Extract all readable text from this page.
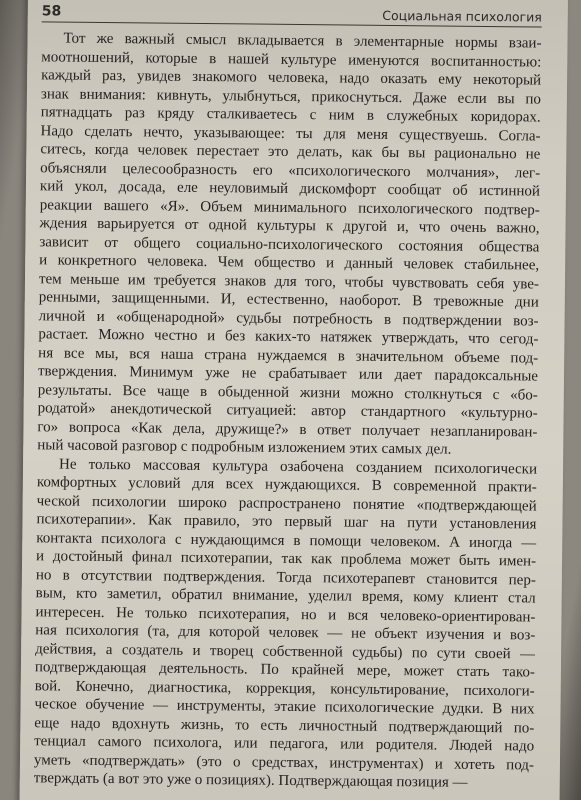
58	Социальная психология
Тот же важный смысл вкладывается в элементарные нормы взаи-
моотношений, которые в нашей культуре именуются воспитанностью:
каждый раз, увидев знакомого человека, надо оказать ему некоторый
знак внимания: кивнуть, улыбнуться, прикоснуться. Даже если вы по
пятнадцать раз кряду сталкиваетесь с ним в служебных коридорах.
Надо сделать нечто, указывающее: ты для меня существуешь. Согла-
ситесь, когда человек перестает это делать, как бы вы рационально не
объясняли целесообразность его «психологического молчания», лег-
кий укол, досада, еле неуловимый дискомфорт сообщат об истинной
реакции вашего «Я». Объем минимального психологического подтвер-
ждения варьируется от одной культуры к другой и, что очень важно,
зависит от общего социально-психологического состояния общества
и конкретного человека. Чем общество и данный человек стабильнее,
тем меньше им требуется знаков для того, чтобы чувствовать себя уве-
ренными, защищенными. И, естественно, наоборот. В тревожные дни
личной и «общенародной» судьбы потребность в подтверждении воз-
растает. Можно честно и без каких-то натяжек утверждать, что сегод-
ня все мы, вся наша страна нуждаемся в значительном объеме под-
тверждения. Минимум уже не срабатывает или дает парадоксальные
результаты. Все чаще в обыденной жизни можно столкнуться с «бо-
родатой» анекдотической ситуацией: автор стандартного «культурно-
го» вопроса «Как дела, дружище?» в ответ получает незапланирован-
ный часовой разговор с подробным изложением этих самых дел.
Не только массовая культура озабочена созданием психологически
комфортных условий для всех нуждающихся. В современной практи-
ческой психологии широко распространено понятие «подтверждающей
психотерапии». Как правило, это первый шаг на пути установления
контакта психолога с нуждающимся в помощи человеком. А иногда —
и достойный финал психотерапии, так как проблема может быть имен-
но в отсутствии подтверждения. Тогда психотерапевт становится пер-
вым, кто заметил, обратил внимание, уделил время, кому клиент стал
интересен. Не только психотерапия, но и вся человеко-ориентирован-
ная психология (та, для которой человек — не объект изучения и воз-
действия, а создатель и творец собственной судьбы) по сути своей —
подтверждающая деятельность. По крайней мере, может стать тако-
вой. Конечно, диагностика, коррекция, консультирование, психологи-
ческое обучение — инструменты, этакие психологические дудки. В них
еще надо вдохнуть жизнь, то есть личностный подтверждающий по-
тенциал самого психолога, или педагога, или родителя. Людей надо
уметь «подтверждать» (это о средствах, инструментах) и хотеть под-
тверждать (а вот это уже о позициях). Подтверждающая позиция —
